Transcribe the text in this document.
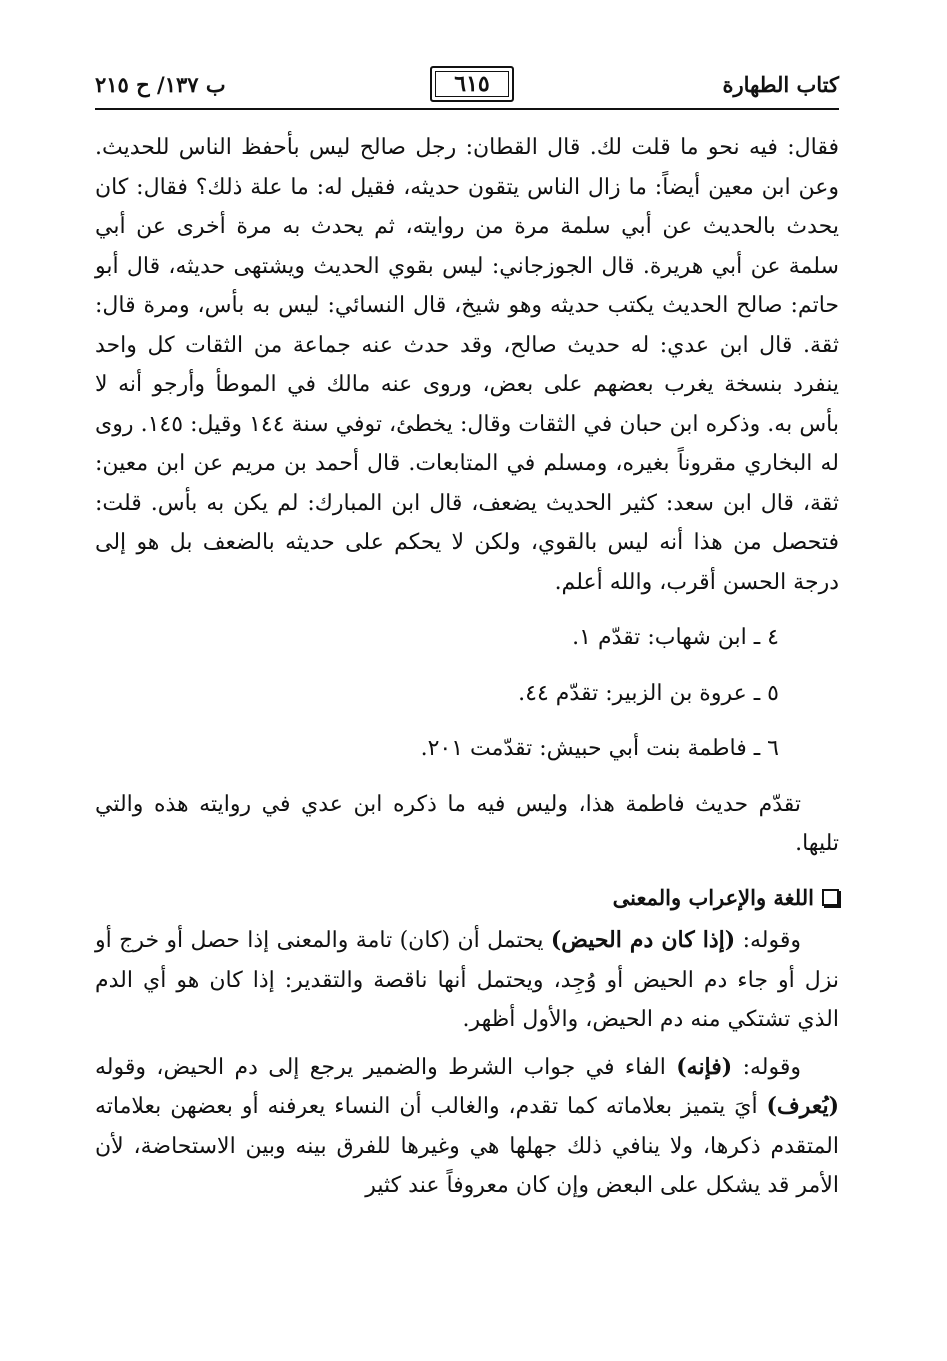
كتاب الطهارة
٦١٥
ب ١٣٧/ ح ٢١٥

فقال: فيه نحو ما قلت لك. قال القطان: رجل صالح ليس بأحفظ الناس للحديث. وعن ابن معين أيضاً: ما زال الناس يتقون حديثه، فقيل له: ما علة ذلك؟ فقال: كان يحدث بالحديث عن أبي سلمة مرة من روايته، ثم يحدث به مرة أخرى عن أبي سلمة عن أبي هريرة. قال الجوزجاني: ليس بقوي الحديث ويشتهى حديثه، قال أبو حاتم: صالح الحديث يكتب حديثه وهو شيخ، قال النسائي: ليس به بأس، ومرة قال: ثقة. قال ابن عدي: له حديث صالح، وقد حدث عنه جماعة من الثقات كل واحد ينفرد بنسخة يغرب بعضهم على بعض، وروى عنه مالك في الموطأ وأرجو أنه لا بأس به. وذكره ابن حبان في الثقات وقال: يخطئ، توفي سنة ١٤٤ وقيل: ١٤٥. روى له البخاري مقروناً بغيره، ومسلم في المتابعات. قال أحمد بن مريم عن ابن معين: ثقة، قال ابن سعد: كثير الحديث يضعف، قال ابن المبارك: لم يكن به بأس. قلت: فتحصل من هذا أنه ليس بالقوي، ولكن لا يحكم على حديثه بالضعف بل هو إلى درجة الحسن أقرب، والله أعلم.

٤ ـ ابن شهاب: تقدّم ١.

٥ ـ عروة بن الزبير: تقدّم ٤٤.

٦ ـ فاطمة بنت أبي حبيش: تقدّمت ٢٠١.

تقدّم حديث فاطمة هذا، وليس فيه ما ذكره ابن عدي في روايته هذه والتي تليها.

اللغة والإعراب والمعنى

وقوله: (إذا كان دم الحيض) يحتمل أن (كان) تامة والمعنى إذا حصل أو خرج أو نزل أو جاء دم الحيض أو وُجِد، ويحتمل أنها ناقصة والتقدير: إذا كان هو أي الدم الذي تشتكي منه دم الحيض، والأول أظهر.

وقوله: (فإنه) الفاء في جواب الشرط والضمير يرجع إلى دم الحيض، وقوله (يُعرف) أيَ يتميز بعلاماته كما تقدم، والغالب أن النساء يعرفنه أو بعضهن بعلاماته المتقدم ذكرها، ولا ينافي ذلك جهلها هي وغيرها للفرق بينه وبين الاستحاضة، لأن الأمر قد يشكل على البعض وإن كان معروفاً عند كثير
